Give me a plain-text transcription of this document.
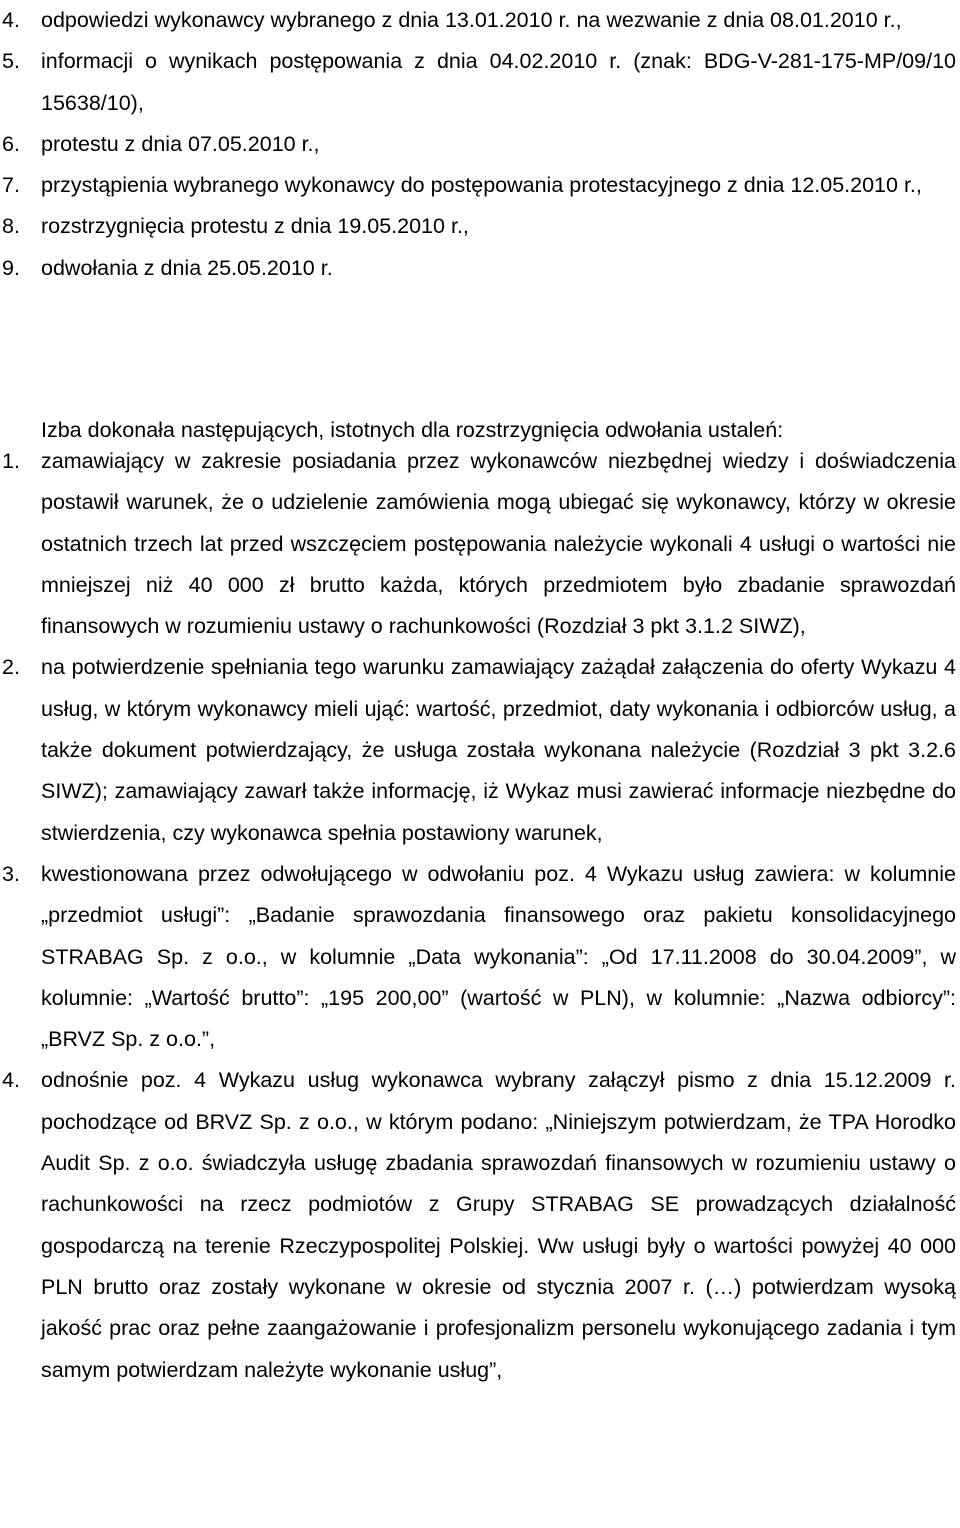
4. odpowiedzi wykonawcy wybranego z dnia 13.01.2010 r. na wezwanie z dnia 08.01.2010 r.,
5. informacji o wynikach postępowania z dnia 04.02.2010 r. (znak: BDG-V-281-175-MP/09/10 15638/10),
6. protestu z dnia 07.05.2010 r.,
7. przystąpienia wybranego wykonawcy do postępowania protestacyjnego z dnia 12.05.2010 r.,
8. rozstrzygnięcia protestu z dnia 19.05.2010 r.,
9. odwołania z dnia 25.05.2010 r.

Izba dokonała następujących, istotnych dla rozstrzygnięcia odwołania ustaleń:

1. zamawiający w zakresie posiadania przez wykonawców niezbędnej wiedzy i doświadczenia postawił warunek, że o udzielenie zamówienia mogą ubiegać się wykonawcy, którzy w okresie ostatnich trzech lat przed wszczęciem postępowania należycie wykonali 4 usługi o wartości nie mniejszej niż 40 000 zł brutto każda, których przedmiotem było zbadanie sprawozdań finansowych w rozumieniu ustawy o rachunkowości (Rozdział 3 pkt 3.1.2 SIWZ),
2. na potwierdzenie spełniania tego warunku zamawiający zażądał załączenia do oferty Wykazu 4 usług, w którym wykonawcy mieli ująć: wartość, przedmiot, daty wykonania i odbiorców usług, a także dokument potwierdzający, że usługa została wykonana należycie (Rozdział 3 pkt 3.2.6 SIWZ); zamawiający zawarł także informację, iż Wykaz musi zawierać informacje niezbędne do stwierdzenia, czy wykonawca spełnia postawiony warunek,
3. kwestionowana przez odwołującego w odwołaniu poz. 4 Wykazu usług zawiera: w kolumnie „przedmiot usługi”: „Badanie sprawozdania finansowego oraz pakietu konsolidacyjnego STRABAG Sp. z o.o., w kolumnie „Data wykonania”: „Od 17.11.2008 do 30.04.2009”, w kolumnie: „Wartość brutto”: „195 200,00” (wartość w PLN), w kolumnie: „Nazwa odbiorcy”: „BRVZ Sp. z o.o.”,
4. odnośnie poz. 4 Wykazu usług wykonawca wybrany załączył pismo z dnia 15.12.2009 r. pochodzące od BRVZ Sp. z o.o., w którym podano: „Niniejszym potwierdzam, że TPA Horodko Audit Sp. z o.o. świadczyła usługę zbadania sprawozdań finansowych w rozumieniu ustawy o rachunkowości na rzecz podmiotów z Grupy STRABAG SE prowadzących działalność gospodarczą na terenie Rzeczypospolitej Polskiej. Ww usługi były o wartości powyżej 40 000 PLN brutto oraz zostały wykonane w okresie od stycznia 2007 r. (…) potwierdzam wysoką jakość prac oraz pełne zaangażowanie i profesjonalizm personelu wykonującego zadania i tym samym potwierdzam należyte wykonanie usług”,
